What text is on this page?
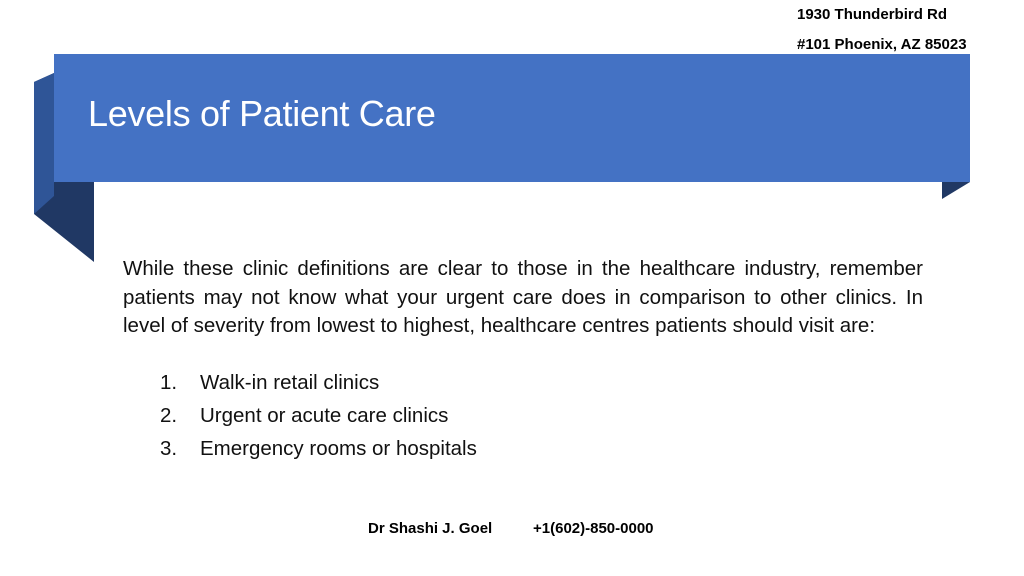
1930 Thunderbird Rd
#101 Phoenix, AZ 85023
Levels of Patient Care
While these clinic definitions are clear to those in the healthcare industry, remember patients may not know what your urgent care does in comparison to other clinics. In level of severity from lowest to highest, healthcare centres patients should visit are:
1. Walk-in retail clinics
2. Urgent or acute care clinics
3. Emergency rooms or hospitals
Dr Shashi J. Goel	+1(602)-850-0000
